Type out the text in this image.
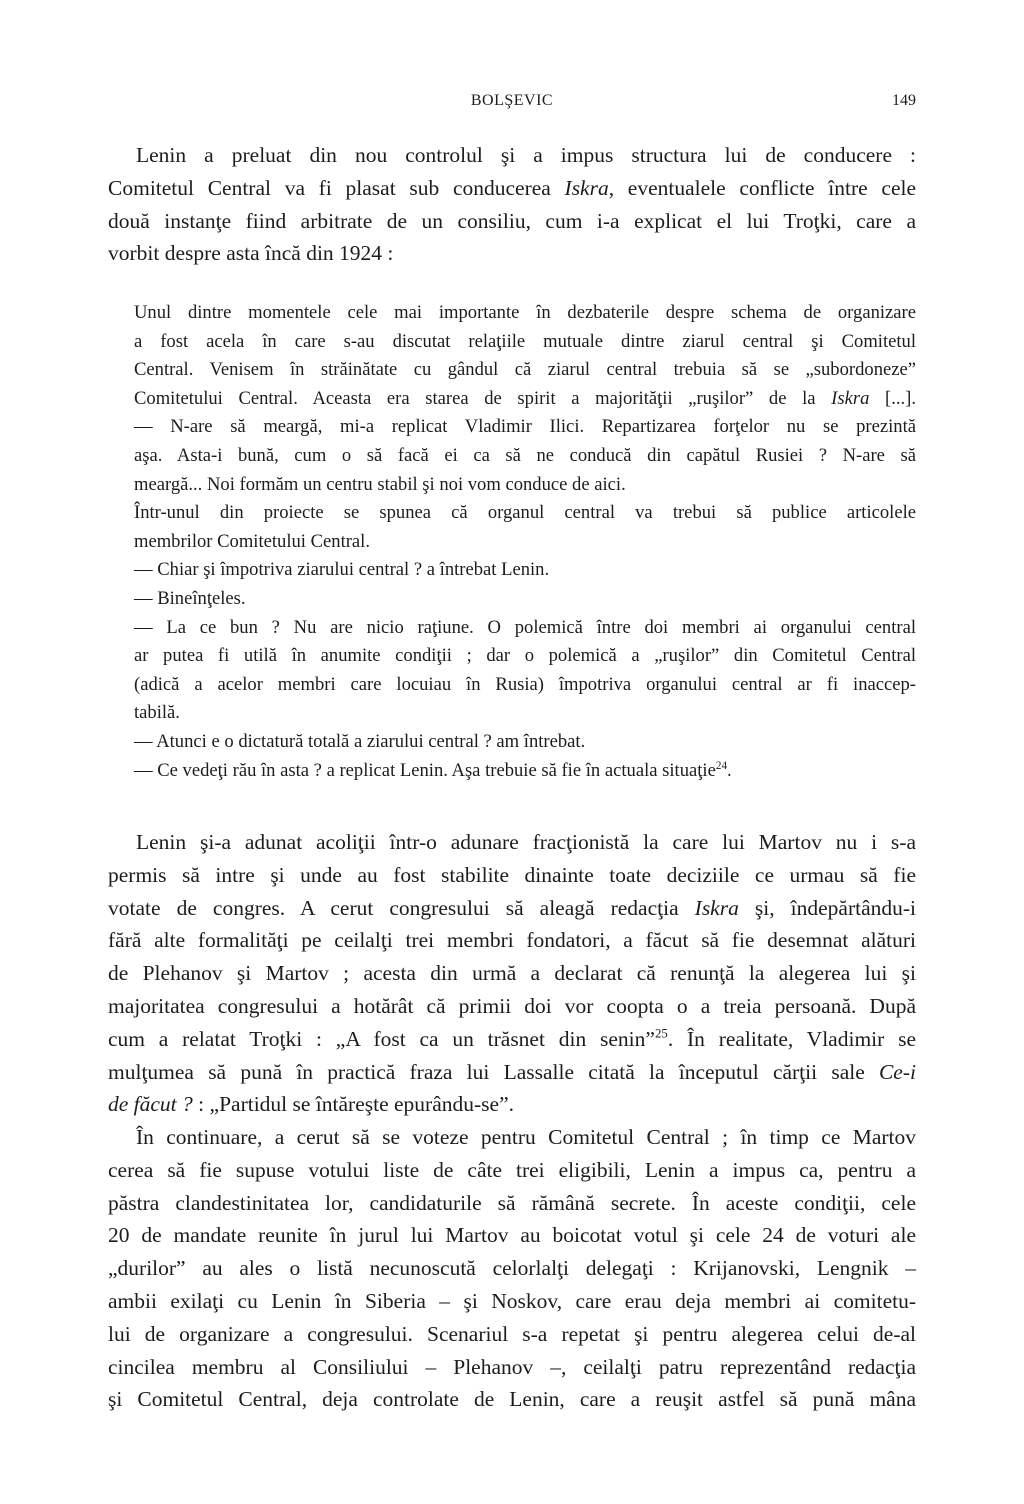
BOLŞEVIC	149
Lenin a preluat din nou controlul şi a impus structura lui de conducere :
Comitetul Central va fi plasat sub conducerea Iskra, eventualele conflicte între cele
două instanţe fiind arbitrate de un consiliu, cum i-a explicat el lui Troţki, care a
vorbit despre asta încă din 1924 :
Unul dintre momentele cele mai importante în dezbaterile despre schema de organizare
a fost acela în care s-au discutat relaţiile mutuale dintre ziarul central şi Comitetul
Central. Venisem în străinătate cu gândul că ziarul central trebuia să se „subordoneze”
Comitetului Central. Aceasta era starea de spirit a majorităţii „ruşilor” de la Iskra [...].
— N-are să meargă, mi-a replicat Vladimir Ilici. Repartizarea forţelor nu se prezintă
aşa. Asta-i bună, cum o să facă ei ca să ne conducă din capătul Rusiei ? N-are să
meargă... Noi formăm un centru stabil şi noi vom conduce de aici.
Într-unul din proiecte se spunea că organul central va trebui să publice articolele
membrilor Comitetului Central.
— Chiar şi împotriva ziarului central ? a întrebat Lenin.
— Bineînţeles.
— La ce bun ? Nu are nicio raţiune. O polemică între doi membri ai organului central
ar putea fi utilă în anumite condiţii ; dar o polemică a „ruşilor” din Comitetul Central
(adică a acelor membri care locuiau în Rusia) împotriva organului central ar fi inaccep-
tabilă.
— Atunci e o dictatură totală a ziarului central ? am întrebat.
— Ce vedeţi rău în asta ? a replicat Lenin. Aşa trebuie să fie în actuala situaţie$^{24}$.
Lenin şi-a adunat acoliţii într-o adunare fracţionistă la care lui Martov nu i s-a
permis să intre şi unde au fost stabilite dinainte toate deciziile ce urmau să fie
votate de congres. A cerut congresului să aleagă redacţia Iskra şi, îndepărtându-i
fără alte formalităţi pe ceilalţi trei membri fondatori, a făcut să fie desemnat alături
de Plehanov şi Martov ; acesta din urmă a declarat că renunţă la alegerea lui şi
majoritatea congresului a hotărât că primii doi vor coopta o a treia persoană. După
cum a relatat Troţki : „A fost ca un trăsnet din senin”$^{25}$. În realitate, Vladimir se
mulţumea să pună în practică fraza lui Lassalle citată la începutul cărţii sale Ce-i
de făcut ? : „Partidul se întăreşte epurându-se”.
În continuare, a cerut să se voteze pentru Comitetul Central ; în timp ce Martov
cerea să fie supuse votului liste de câte trei eligibili, Lenin a impus ca, pentru a
păstra clandestinitatea lor, candidaturile să rămână secrete. În aceste condiţii, cele
20 de mandate reunite în jurul lui Martov au boicotat votul şi cele 24 de voturi ale
„durilor” au ales o listă necunoscută celorlalţi delegaţi : Krijanovski, Lengnik –
ambii exilaţi cu Lenin în Siberia – şi Noskov, care erau deja membri ai comitetu-
lui de organizare a congresului. Scenariul s-a repetat şi pentru alegerea celui de-al
cincilea membru al Consiliului – Plehanov –, ceilalţi patru reprezentând redacţia
şi Comitetul Central, deja controlate de Lenin, care a reuşit astfel să pună mâna
